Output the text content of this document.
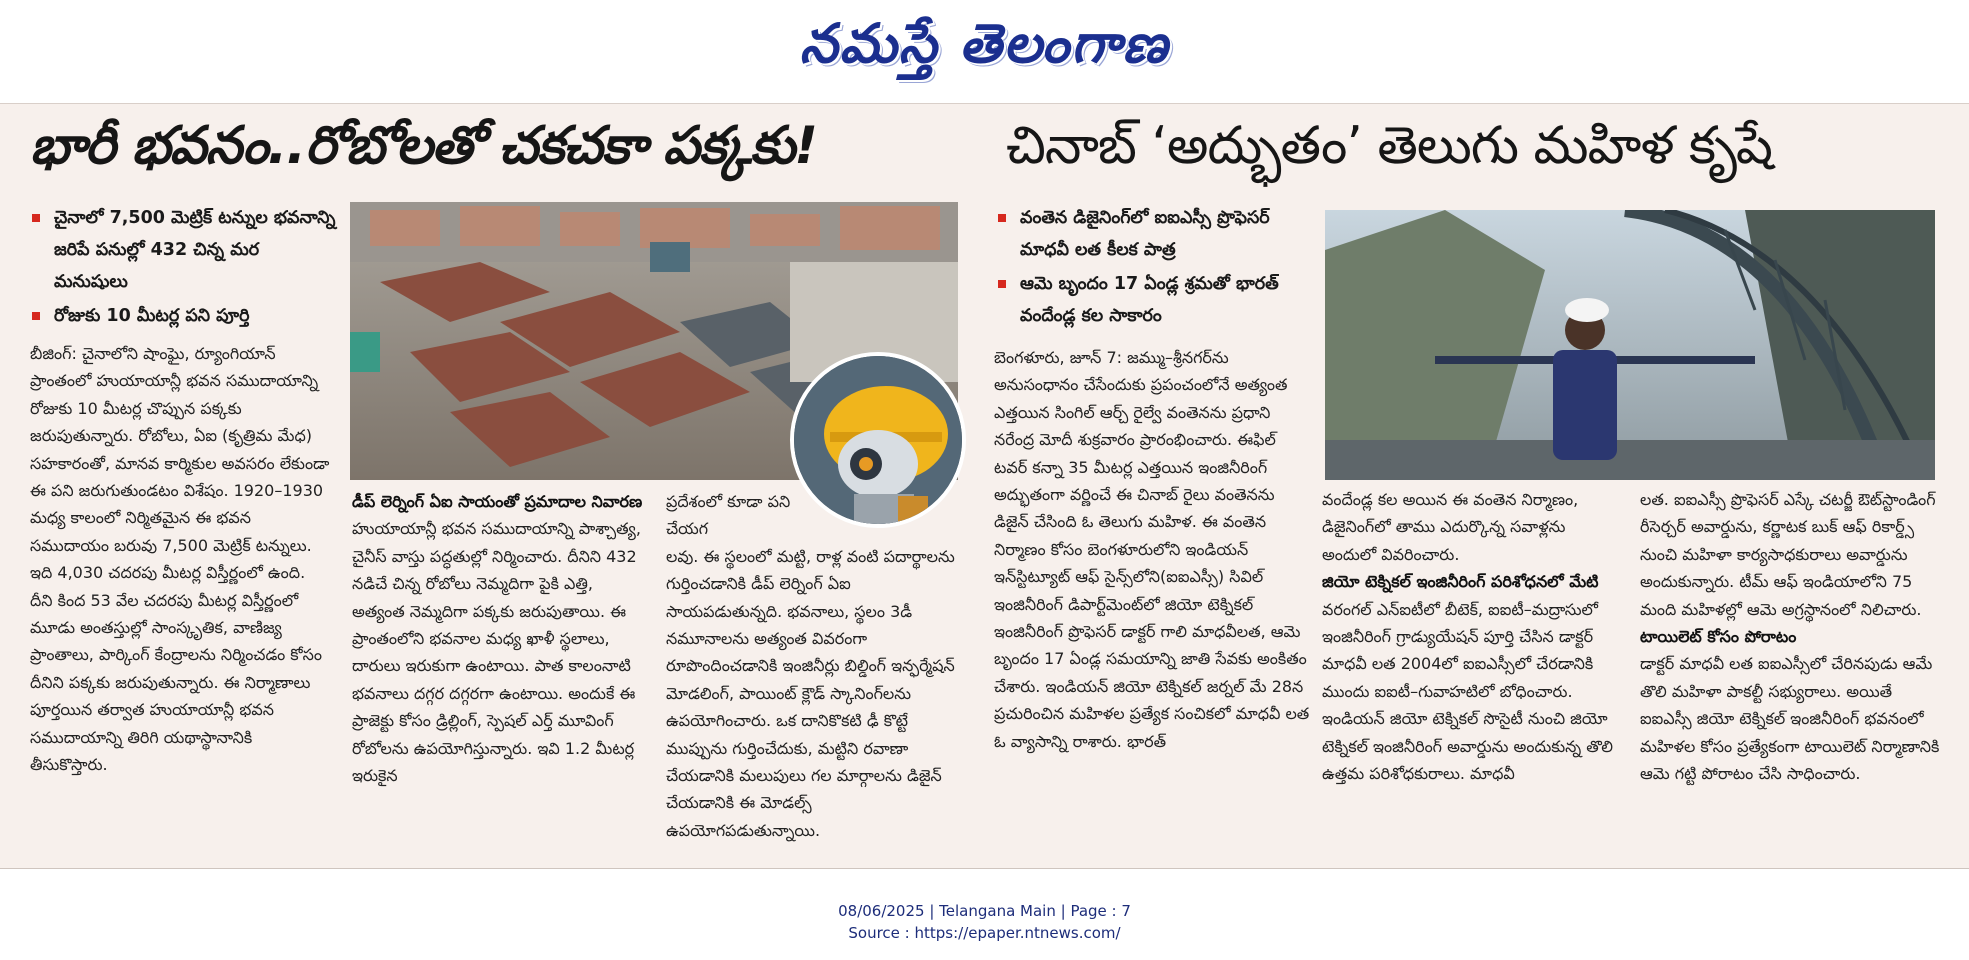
నమస్తే తెలంగాణ
భారీ భవనం..రోబోలతో చకచకా పక్కకు!
చైనాలో 7,500 మెట్రిక్ టన్నుల భవనాన్ని జరిపే పనుల్లో 432 చిన్న మర మనుషులు
రోజుకు 10 మీటర్ల పని పూర్తి

బీజింగ్: చైనాలోని షాంఘై, ర్యూంగియాన్ ప్రాంతంలో హుయాయాన్లీ భవన సముదాయాన్ని రోజుకు 10 మీటర్ల చొప్పున పక్కకు జరుపుతున్నారు. రోబోలు, ఏఐ (కృత్రిమ మేధ) సహకారంతో, మానవ కార్మికుల అవసరం లేకుండా ఈ పని జరుగుతుండటం విశేషం. 1920–1930 మధ్య కాలంలో నిర్మితమైన ఈ భవన సముదాయం బరువు 7,500 మెట్రిక్ టన్నులు. ఇది 4,030 చదరపు మీటర్ల విస్తీర్ణంలో ఉంది. దీని కింద 53 వేల చదరపు మీటర్ల విస్తీర్ణంలో మూడు అంతస్తుల్లో సాంస్కృతిక, వాణిజ్య ప్రాంతాలు, పార్కింగ్ కేంద్రాలను నిర్మించడం కోసం దీనిని పక్కకు జరుపుతున్నారు. ఈ నిర్మాణాలు పూర్తయిన తర్వాత హుయాయాన్లీ భవన సముదాయాన్ని తిరిగి యథాస్థానానికి తీసుకొస్తారు.

డీప్ లెర్నింగ్ ఏఐ సాయంతో ప్రమాదాల నివారణ

హుయాయాన్లీ భవన సముదాయాన్ని పాశ్చాత్య, చైనీస్ వాస్తు పద్ధతుల్లో నిర్మించారు. దీనిని 432 నడిచే చిన్న రోబోలు నెమ్మదిగా పైకి ఎత్తి, అత్యంత నెమ్మదిగా పక్కకు జరుపుతాయి. ఈ ప్రాంతంలోని భవనాల మధ్య ఖాళీ స్థలాలు, దారులు ఇరుకుగా ఉంటాయి. పాత కాలంనాటి భవనాలు దగ్గర దగ్గరగా ఉంటాయి. అందుకే ఈ ప్రాజెక్టు కోసం డ్రిల్లింగ్, స్పెషల్ ఎర్త్ మూవింగ్ రోబోలను ఉపయోగిస్తున్నారు. ఇవి 1.2 మీటర్ల ఇరుకైన

ప్రదేశంలో కూడా పని చేయగ

లవు. ఈ స్థలంలో మట్టి, రాళ్ల వంటి పదార్థాలను గుర్తించడానికి డీప్ లెర్నింగ్ ఏఐ సాయపడుతున్నది. భవనాలు, స్థలం 3డీ నమూనాలను అత్యంత వివరంగా రూపొందించడానికి ఇంజినీర్లు బిల్డింగ్ ఇన్ఫర్మేషన్ మోడలింగ్, పాయింట్ క్లౌడ్ స్కానింగ్‌లను ఉపయోగించారు. ఒక దానికొకటి ఢీ కొట్టే ముప్పును గుర్తించేదుకు, మట్టిని రవాణా చేయడానికి మలుపులు గల మార్గాలను డిజైన్ చేయడానికి ఈ మోడల్స్ ఉపయోగపడుతున్నాయి.

చినాబ్ ‘అద్భుతం’ తెలుగు మహిళ కృషే
వంతెన డిజైనింగ్‌లో ఐఐఎస్సీ ప్రొఫెసర్ మాధవీ లత కీలక పాత్ర
ఆమె బృందం 17 ఏండ్ల శ్రమతో భారత్ వందేండ్ల కల సాకారం

బెంగళూరు, జూన్ 7: జమ్ము–శ్రీనగర్‌ను అనుసంధానం చేసేందుకు ప్రపంచంలోనే అత్యంత ఎత్తయిన సింగిల్ ఆర్చ్ రైల్వే వంతెనను ప్రధాని నరేంద్ర మోదీ శుక్రవారం ప్రారంభించారు. ఈఫిల్ టవర్ కన్నా 35 మీటర్ల ఎత్తయిన ఇంజినీరింగ్ అద్భుతంగా వర్ణించే ఈ చినాబ్ రైలు వంతెనను డిజైన్ చేసింది ఓ తెలుగు మహిళ. ఈ వంతెన నిర్మాణం కోసం బెంగళూరులోని ఇండియన్ ఇన్‌స్టిట్యూట్ ఆఫ్ సైన్స్‌లోని(ఐఐఎస్సీ) సివిల్ ఇంజినీరింగ్ డిపార్ట్‌మెంట్‌లో జియో టెక్నికల్ ఇంజినీరింగ్ ప్రొఫెసర్ డాక్టర్ గాలి మాధవీలత, ఆమె బృందం 17 ఏండ్ల సమయాన్ని జాతి సేవకు అంకితం చేశారు. ఇండియన్ జియో టెక్నికల్ జర్నల్ మే 28న ప్రచురించిన మహిళల ప్రత్యేక సంచికలో మాధవీ లత ఓ వ్యాసాన్ని రాశారు. భారత్

వందేండ్ల కల అయిన ఈ వంతెన నిర్మాణం, డిజైనింగ్‌లో తాము ఎదుర్కొన్న సవాళ్లను అందులో వివరించారు.

జియో టెక్నికల్ ఇంజినీరింగ్ పరిశోధనలో మేటి

వరంగల్ ఎన్ఐటీలో బీటెక్, ఐఐటీ–మద్రాసులో ఇంజినీరింగ్ గ్రాడ్యుయేషన్ పూర్తి చేసిన డాక్టర్ మాధవీ లత 2004లో ఐఐఎస్సీలో చేరడానికి ముందు ఐఐటీ–గువాహటిలో బోధించారు. ఇండియన్ జియో టెక్నికల్ సొసైటీ నుంచి జియో టెక్నికల్ ఇంజినీరింగ్ అవార్డును అందుకున్న తొలి ఉత్తమ పరిశోధకురాలు. మాధవీ

లత. ఐఐఎస్సీ ప్రొఫెసర్ ఎస్కే చటర్జీ ఔట్‌స్టాండింగ్ రీసెర్చర్ అవార్డును, కర్ణాటక బుక్ ఆఫ్ రికార్డ్స్ నుంచి మహిళా కార్యసాధకురాలు అవార్డును అందుకున్నారు. టీమ్ ఆఫ్ ఇండియాలోని 75 మంది మహిళల్లో ఆమె అగ్రస్థానంలో నిలిచారు.

టాయిలెట్ కోసం పోరాటం

డాక్టర్ మాధవీ లత ఐఐఎస్సీలో చేరినపుడు ఆమే తొలి మహిళా పాకల్టీ సభ్యురాలు. అయితే ఐఐఎస్సీ జియో టెక్నికల్ ఇంజినీరింగ్ భవనంలో మహిళల కోసం ప్రత్యేకంగా టాయిలెట్ నిర్మాణానికి ఆమె గట్టి పోరాటం చేసి సాధించారు.

08/06/2025 | Telangana Main | Page : 7
Source : https://epaper.ntnews.com/
